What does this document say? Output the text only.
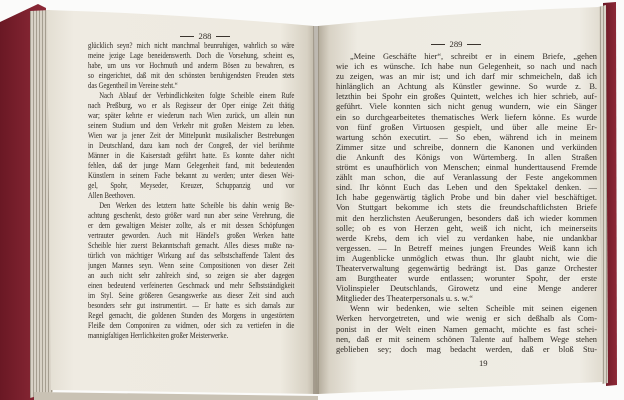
288
glücklich seyn? mich nicht manchmal beunruhigen, wahrlich so wäre
meine jezige Lage beneidenswerth. Doch die Vorsehung, scheint es,
habe, um uns vor Hochmuth und anderm Bösen zu bewahren, es
so eingerichtet, daß mit den schönsten beruhigendsten Freuden stets
das Gegentheil im Vereine steht.“
Nach Ablauf der Verbindlichkeiten folgte Scheible einem Rufe
nach Preßburg, wo er als Regisseur der Oper einige Zeit thätig
war; später kehrte er wiederum nach Wien zurück, um allein nun
seinem Studium und dem Verkehr mit großen Meistern zu leben.
Wien war ja jener Zeit der Mittelpunkt musikalischer Bestrebungen
in Deutschland, dazu kam noch der Congreß, der viel berühmte
Männer in die Kaiserstadt geführt hatte. Es konnte daher nicht
fehlen, daß der junge Mann Gelegenheit fand, mit bedeutenden
Künstlern in seinem Fache bekannt zu werden; unter diesen Wei-
gel, Spohr, Meyseder, Kreuzer, Schuppanzig und vor
Allen Beethoven.
Den Werken des letztern hatte Scheible bis dahin wenig Be-
achtung geschenkt, desto größer ward nun aber seine Verehrung, die
er dem gewaltigen Meister zollte, als er mit dessen Schöpfungen
vertrauter geworden. Auch mit Händel's großen Werken hatte
Scheible hier zuerst Bekanntschaft gemacht. Alles dieses mußte na-
türlich von mächtiger Wirkung auf das selbstschaffende Talent des
jungen Mannes seyn. Wenn seine Compositionen von dieser Zeit
an auch nicht sehr zahlreich sind, so zeigen sie aber dagegen
einen bedeutend verfeinerten Geschmack und mehr Selbstständigkeit
im Styl. Seine größeren Gesangswerke aus dieser Zeit sind auch
besonders sehr gut instrumentirt. — Er hatte es sich damals zur
Regel gemacht, die goldenen Stunden des Morgens in ungestörtem
Fleiße dem Componiren zu widmen, oder sich zu vertiefen in die
mannigfaltigen Herrlichkeiten großer Meisterwerke.
289
„Meine Geschäfte hier“, schreibt er in einem Briefe, „gehen
wie ich es wünsche. Ich habe nun Gelegenheit, so nach und nach
zu zeigen, was an mir ist; und ich darf mir schmeicheln, daß ich
hinlänglich an Achtung als Künstler gewinne. So wurde z. B.
letzthin bei Spohr ein großes Quintett, welches ich hier schrieb, auf-
geführt. Viele konnten sich nicht genug wundern, wie ein Sänger
ein so durchgearbeitetes thematisches Werk liefern könne. Es wurde
von fünf großen Virtuosen gespielt, und über alle meine Er-
wartung schön executirt. — So eben, während ich in meinem
Zimmer sitze und schreibe, donnern die Kanonen und verkünden
die Ankunft des Königs von Würtemberg. In allen Straßen
strömt es unaufhörlich von Menschen; einmal hunderttausend Fremde
zählt man schon, die auf Veranlassung der Feste angekommen
sind. Ihr könnt Euch das Leben und den Spektakel denken. —
Ich habe gegenwärtig täglich Probe und bin daher viel beschäftiget.
Von Stuttgart bekomme ich stets die freundschaftlichsten Briefe
mit den herzlichsten Aeußerungen, besonders daß ich wieder kommen
solle; ob es von Herzen geht, weiß ich nicht, ich meinerseits
werde Krebs, dem ich viel zu verdanken habe, nie undankbar
vergessen. — In Betreff meines jungen Freundes Weiß kann ich
im Augenblicke unmöglich etwas thun. Ihr glaubt nicht, wie die
Theaterverwaltung gegenwärtig bedrängt ist. Das ganze Orchester
am Burgtheater wurde entlassen; worunter Spohr, der erste
Violinspieler Deutschlands, Girowetz und eine Menge anderer
Mitglieder des Theaterpersonals u. s. w.“
Wenn wir bedenken, wie selten Scheible mit seinen eigenen
Werken hervorgetreten, und wie wenig er sich deßhalb als Com-
ponist in der Welt einen Namen gemacht, möchte es fast schei-
nen, daß er mit seinem schönen Talente auf halbem Wege stehen
geblieben sey; doch mag bedacht werden, daß er bloß Stu-
19
